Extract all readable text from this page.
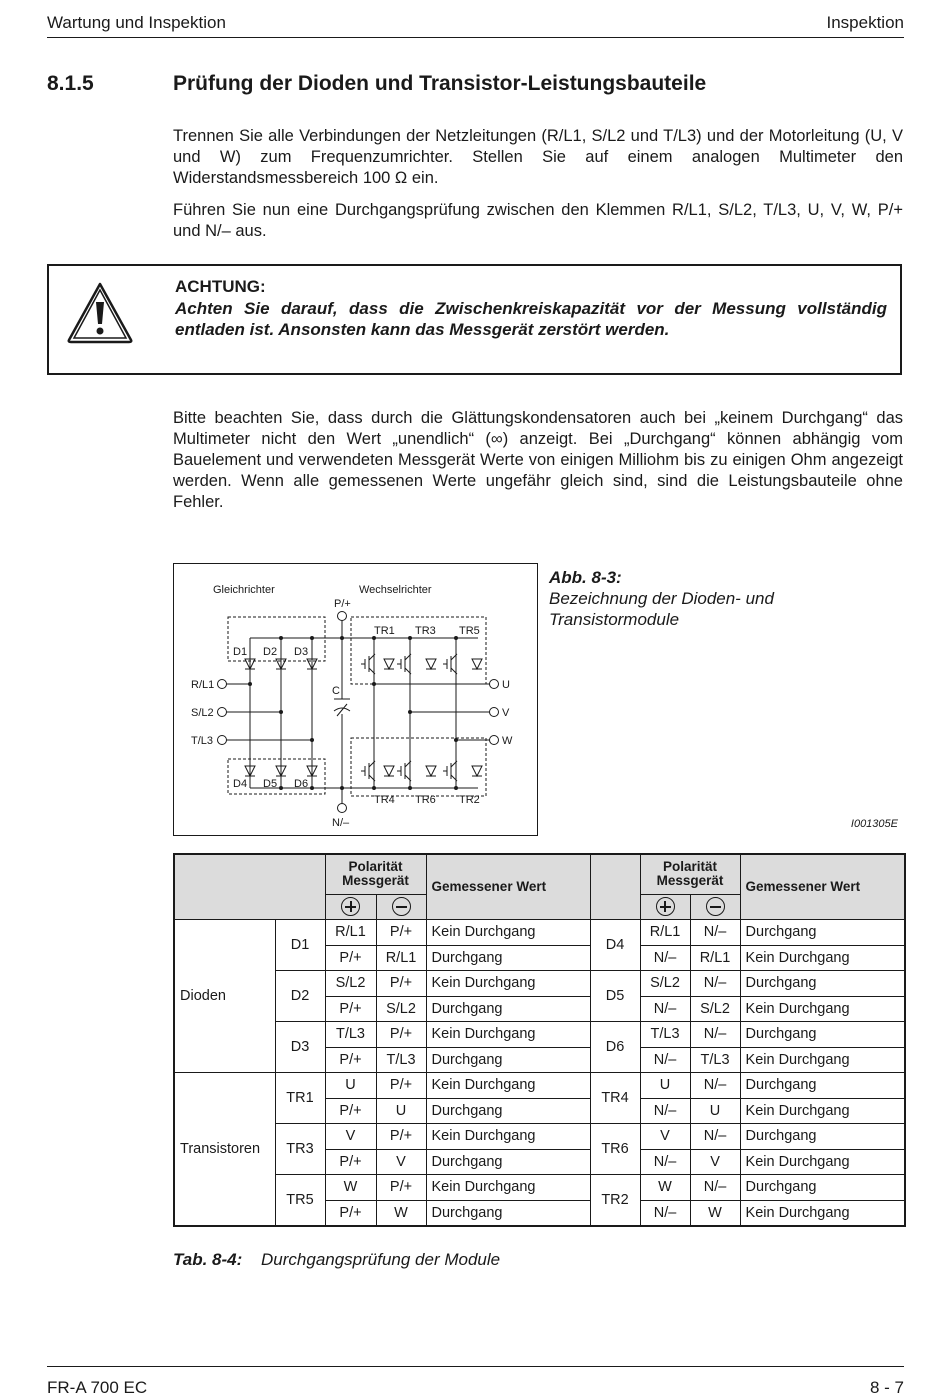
Wartung und Inspektion	Inspektion
8.1.5	Prüfung der Dioden und Transistor-Leistungsbauteile

Trennen Sie alle Verbindungen der Netzleitungen (R/L1, S/L2 und T/L3) und der Motorleitung (U, V und W) zum Frequenzumrichter. Stellen Sie auf einem analogen Multimeter den Widerstandsmessbereich 100 Ω ein.

Führen Sie nun eine Durchgangsprüfung zwischen den Klemmen R/L1, S/L2, T/L3, U, V, W, P/+ und N/– aus.

ACHTUNG:
Achten Sie darauf, dass die Zwischenkreiskapazität vor der Messung vollständig entladen ist. Ansonsten kann das Messgerät zerstört werden.

Bitte beachten Sie, dass durch die Glättungskondensatoren auch bei „keinem Durchgang“ das Multimeter nicht den Wert „unendlich“ (∞) anzeigt. Bei „Durchgang“ können abhängig vom Bauelement und verwendeten Messgerät Werte von einigen Milliohm bis zu einigen Ohm angezeigt werden. Wenn alle gemessenen Werte ungefähr gleich sind, sind die Leistungsbauteile ohne Fehler.

Gleichrichter	Wechselrichter
P/+
N/–
D1 D2 D3
D4 D5 D6
TR1 TR3 TR5
TR4 TR6 TR2
C
R/L1
S/L2
T/L3
U
V
W
Abb. 8-3:
Bezeichnung der Dioden- und
Transistormodule
I001305E
		Polarität Messgerät		Gemessener Wert		Polarität Messgerät		Gemessener Wert

Dioden	D1	R/L1	P/+	Kein Durchgang	D4	R/L1	N/–	Durchgang
		P/+	R/L1	Durchgang		N/–	R/L1	Kein Durchgang
	D2	S/L2	P/+	Kein Durchgang	D5	S/L2	N/–	Durchgang
		P/+	S/L2	Durchgang		N/–	S/L2	Kein Durchgang
	D3	T/L3	P/+	Kein Durchgang	D6	T/L3	N/–	Durchgang
		P/+	T/L3	Durchgang		N/–	T/L3	Kein Durchgang
Transistoren	TR1	U	P/+	Kein Durchgang	TR4	U	N/–	Durchgang
		P/+	U	Durchgang		N/–	U	Kein Durchgang
	TR3	V	P/+	Kein Durchgang	TR6	V	N/–	Durchgang
		P/+	V	Durchgang		N/–	V	Kein Durchgang
	TR5	W	P/+	Kein Durchgang	TR2	W	N/–	Durchgang
		P/+	W	Durchgang		N/–	W	Kein Durchgang
Tab. 8-4: Durchgangsprüfung der Module
FR-A 700 EC	8 - 7
